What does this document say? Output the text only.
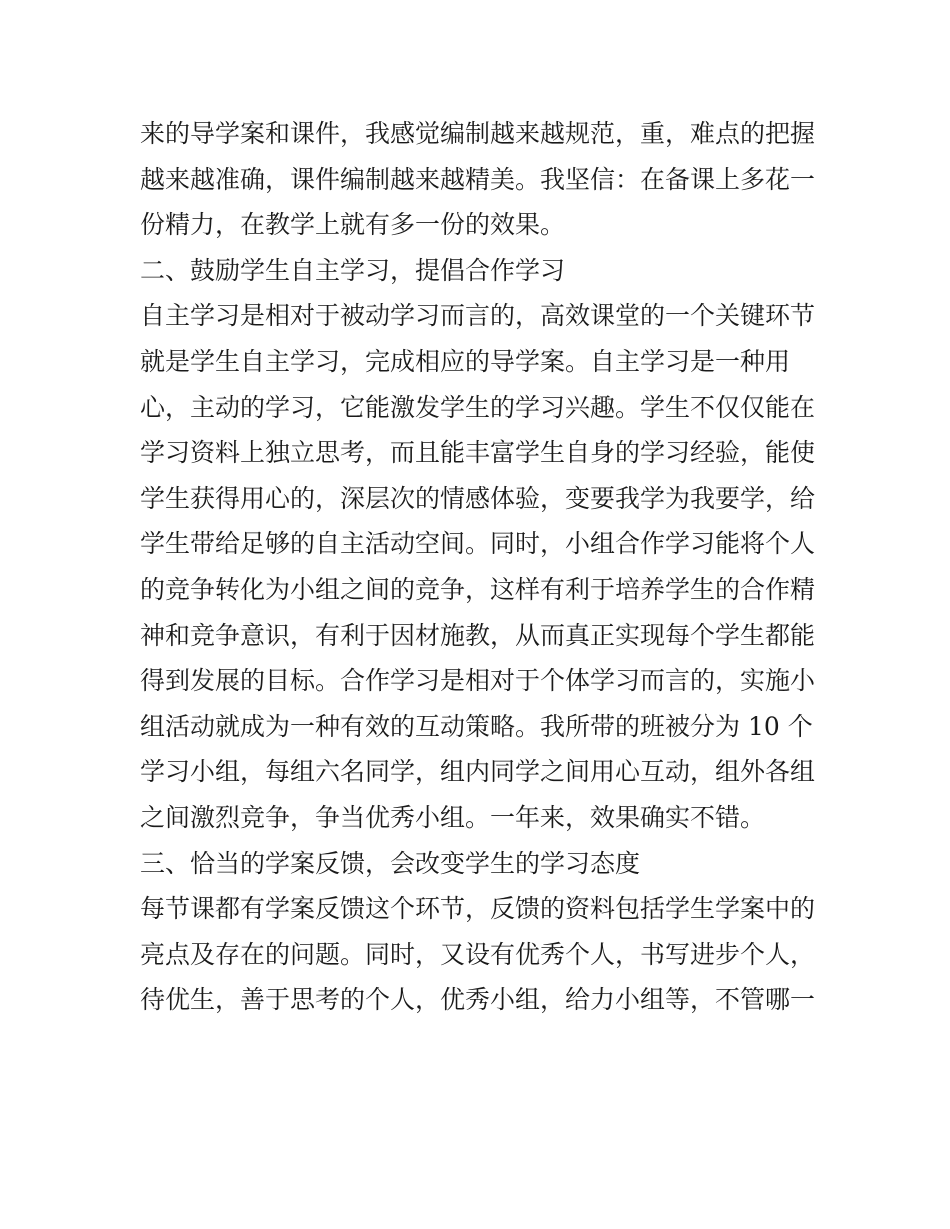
来的导学案和课件，我感觉编制越来越规范，重，难点的把握
越来越准确，课件编制越来越精美。我坚信：在备课上多花一
份精力，在教学上就有多一份的效果。
二、鼓励学生自主学习，提倡合作学习
自主学习是相对于被动学习而言的，高效课堂的一个关键环节
就是学生自主学习，完成相应的导学案。自主学习是一种用
心，主动的学习，它能激发学生的学习兴趣。学生不仅仅能在
学习资料上独立思考，而且能丰富学生自身的学习经验，能使
学生获得用心的，深层次的情感体验，变要我学为我要学，给
学生带给足够的自主活动空间。同时，小组合作学习能将个人
的竞争转化为小组之间的竞争，这样有利于培养学生的合作精
神和竞争意识，有利于因材施教，从而真正实现每个学生都能
得到发展的目标。合作学习是相对于个体学习而言的，实施小
组活动就成为一种有效的互动策略。我所带的班被分为 10 个
学习小组，每组六名同学，组内同学之间用心互动，组外各组
之间激烈竞争，争当优秀小组。一年来，效果确实不错。
三、恰当的学案反馈，会改变学生的学习态度
每节课都有学案反馈这个环节，反馈的资料包括学生学案中的
亮点及存在的问题。同时，又设有优秀个人，书写进步个人，
待优生，善于思考的个人，优秀小组，给力小组等，不管哪一
